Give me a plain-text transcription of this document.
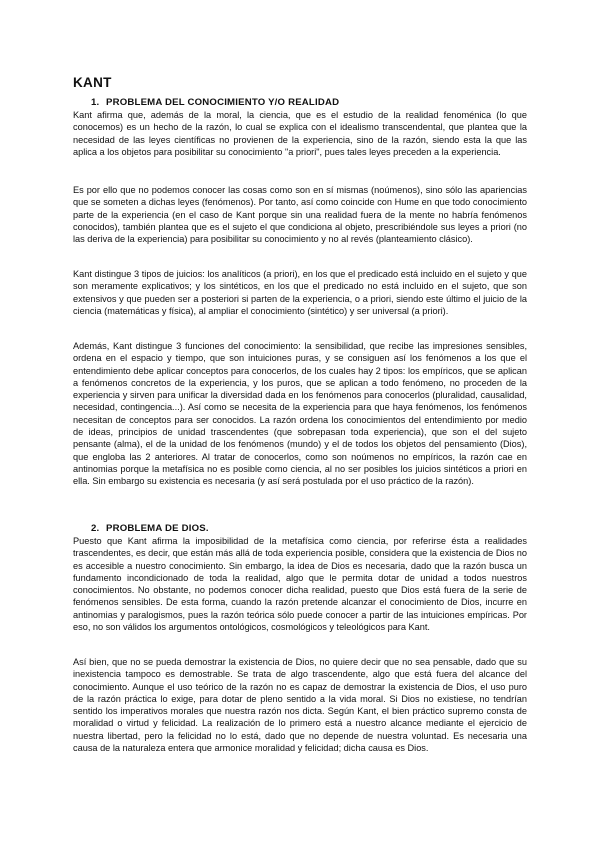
KANT
1. PROBLEMA DEL CONOCIMIENTO Y/O REALIDAD

Kant afirma que, además de la moral, la ciencia, que es el estudio de la realidad fenoménica (lo que conocemos) es un hecho de la razón, lo cual se explica con el idealismo transcendental, que plantea que la necesidad de las leyes científicas no provienen de la experiencia, sino de la razón, siendo esta la que las aplica a los objetos para posibilitar su conocimiento "a priori", pues tales leyes preceden a la experiencia.

Es por ello que no podemos conocer las cosas como son en sí mismas (noúmenos), sino sólo las apariencias que se someten a dichas leyes (fenómenos). Por tanto, así como coincide con Hume en que todo conocimiento parte de la experiencia (en el caso de Kant porque sin una realidad fuera de la mente no habría fenómenos conocidos), también plantea que es el sujeto el que condiciona al objeto, prescribiéndole sus leyes a priori (no las deriva de la experiencia) para posibilitar su conocimiento y no al revés (planteamiento clásico).

Kant distingue 3 tipos de juicios: los analíticos (a priori), en los que el predicado está incluido en el sujeto y que son meramente explicativos; y los sintéticos, en los que el predicado no está incluido en el sujeto, que son extensivos y que pueden ser a posteriori si parten de la experiencia, o a priori, siendo este último el juicio de la ciencia (matemáticas y física), al ampliar el conocimiento (sintético) y ser universal (a priori).

Además, Kant distingue 3 funciones del conocimiento: la sensibilidad, que recibe las impresiones sensibles, ordena en el espacio y tiempo, que son intuiciones puras, y se consiguen así los fenómenos a los que el entendimiento debe aplicar conceptos para conocerlos, de los cuales hay 2 tipos: los empíricos, que se aplican a fenómenos concretos de la experiencia, y los puros, que se aplican a todo fenómeno, no proceden de la experiencia y sirven para unificar la diversidad dada en los fenómenos para conocerlos (pluralidad, causalidad, necesidad, contingencia...). Así como se necesita de la experiencia para que haya fenómenos, los fenómenos necesitan de conceptos para ser conocidos. La razón ordena los conocimientos del entendimiento por medio de ideas, principios de unidad trascendentes (que sobrepasan toda experiencia), que son el del sujeto pensante (alma), el de la unidad de los fenómenos (mundo) y el de todos los objetos del pensamiento (Dios), que engloba las 2 anteriores. Al tratar de conocerlos, como son noúmenos no empíricos, la razón cae en antinomias porque la metafísica no es posible como ciencia, al no ser posibles los juicios sintéticos a priori en ella. Sin embargo su existencia es necesaria (y así será postulada por el uso práctico de la razón).

2. PROBLEMA DE DIOS.

Puesto que Kant afirma la imposibilidad de la metafísica como ciencia, por referirse ésta a realidades trascendentes, es decir, que están más allá de toda experiencia posible, considera que la existencia de Dios no es accesible a nuestro conocimiento. Sin embargo, la idea de Dios es necesaria, dado que la razón busca un fundamento incondicionado de toda la realidad, algo que le permita dotar de unidad a todos nuestros conocimientos. No obstante, no podemos conocer dicha realidad, puesto que Dios está fuera de la serie de fenómenos sensibles. De esta forma, cuando la razón pretende alcanzar el conocimiento de Dios, incurre en antinomias y paralogismos, pues la razón teórica sólo puede conocer a partir de las intuiciones empíricas. Por eso, no son válidos los argumentos ontológicos, cosmológicos y teleológicos para Kant.

Así bien, que no se pueda demostrar la existencia de Dios, no quiere decir que no sea pensable, dado que su inexistencia tampoco es demostrable. Se trata de algo trascendente, algo que está fuera del alcance del conocimiento. Aunque el uso teórico de la razón no es capaz de demostrar la existencia de Dios, el uso puro de la razón práctica lo exige, para dotar de pleno sentido a la vida moral. Si Dios no existiese, no tendrían sentido los imperativos morales que nuestra razón nos dicta. Según Kant, el bien práctico supremo consta de moralidad o virtud y felicidad. La realización de lo primero está a nuestro alcance mediante el ejercicio de nuestra libertad, pero la felicidad no lo está, dado que no depende de nuestra voluntad. Es necesaria una causa de la naturaleza entera que armonice moralidad y felicidad; dicha causa es Dios.
